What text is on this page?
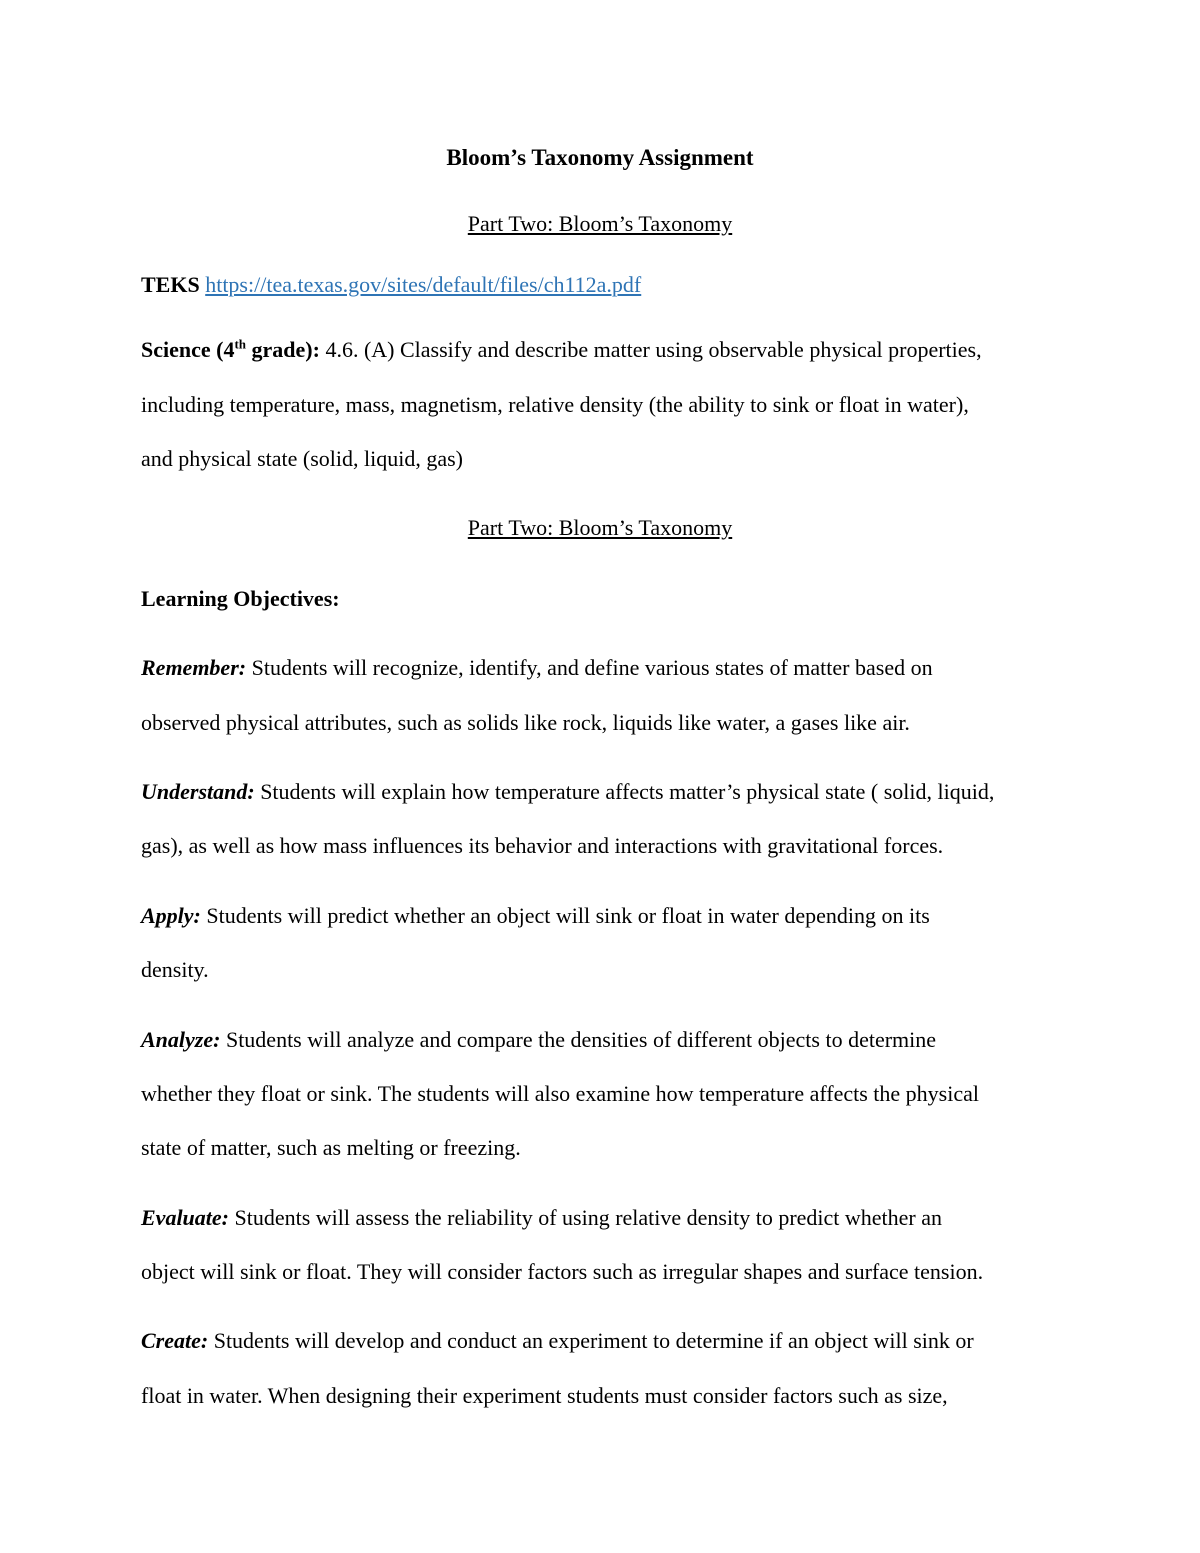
Bloom’s Taxonomy Assignment
Part Two: Bloom’s Taxonomy
TEKS https://tea.texas.gov/sites/default/files/ch112a.pdf
Science (4th grade): 4.6. (A) Classify and describe matter using observable physical properties,
including temperature, mass, magnetism, relative density (the ability to sink or float in water),
and physical state (solid, liquid, gas)
Part Two: Bloom’s Taxonomy
Learning Objectives:
Remember: Students will recognize, identify, and define various states of matter based on
observed physical attributes, such as solids like rock, liquids like water, a gases like air.
Understand: Students will explain how temperature affects matter’s physical state ( solid, liquid,
gas), as well as how mass influences its behavior and interactions with gravitational forces.
Apply: Students will predict whether an object will sink or float in water depending on its
density.
Analyze: Students will analyze and compare the densities of different objects to determine
whether they float or sink. The students will also examine how temperature affects the physical
state of matter, such as melting or freezing.
Evaluate: Students will assess the reliability of using relative density to predict whether an
object will sink or float. They will consider factors such as irregular shapes and surface tension.
Create: Students will develop and conduct an experiment to determine if an object will sink or
float in water. When designing their experiment students must consider factors such as size,
